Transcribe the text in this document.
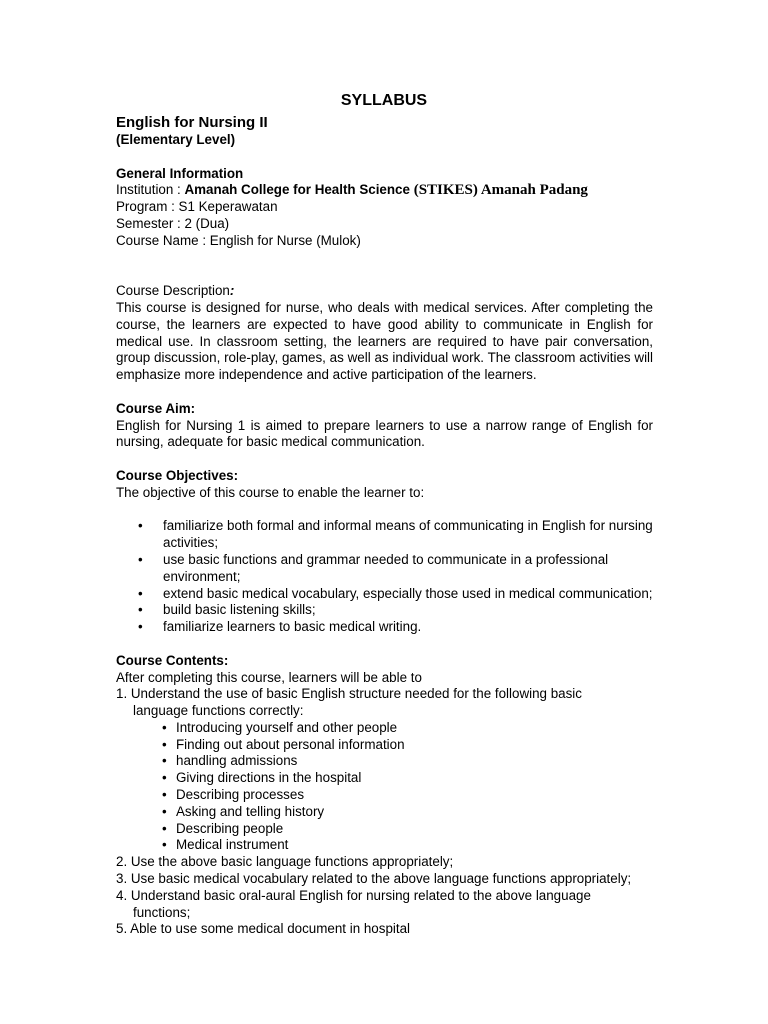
SYLLABUS

English for Nursing II

(Elementary Level)

General Information

Institution : Amanah College for Health Science (STIKES) Amanah Padang

Program : S1 Keperawatan

Semester : 2 (Dua)

Course Name : English for Nurse (Mulok)

Course Description:

This course is designed for nurse, who deals with medical services. After completing the course, the learners are expected to have good ability to communicate in English for medical use. In classroom setting, the learners are required to have pair conversation, group discussion, role-play, games, as well as individual work. The classroom activities will emphasize more independence and active participation of the learners.

Course Aim:

English for Nursing 1 is aimed to prepare learners to use a narrow range of English for nursing, adequate for basic medical communication.

Course Objectives:

The objective of this course to enable the learner to:

• familiarize both formal and informal means of communicating in English for nursing activities;
• use basic functions and grammar needed to communicate in a professional environment;
• extend basic medical vocabulary, especially those used in medical communication;
• build basic listening skills;
• familiarize learners to basic medical writing.

Course Contents:

After completing this course, learners will be able to

1. Understand the use of basic English structure needed for the following basic

language functions correctly:

• Introducing yourself and other people
• Finding out about personal information
• handling admissions
• Giving directions in the hospital
• Describing processes
• Asking and telling history
• Describing people
• Medical instrument

2. Use the above basic language functions appropriately;

3. Use basic medical vocabulary related to the above language functions appropriately;

4. Understand basic oral-aural English for nursing related to the above language

functions;

5. Able to use some medical document in hospital
